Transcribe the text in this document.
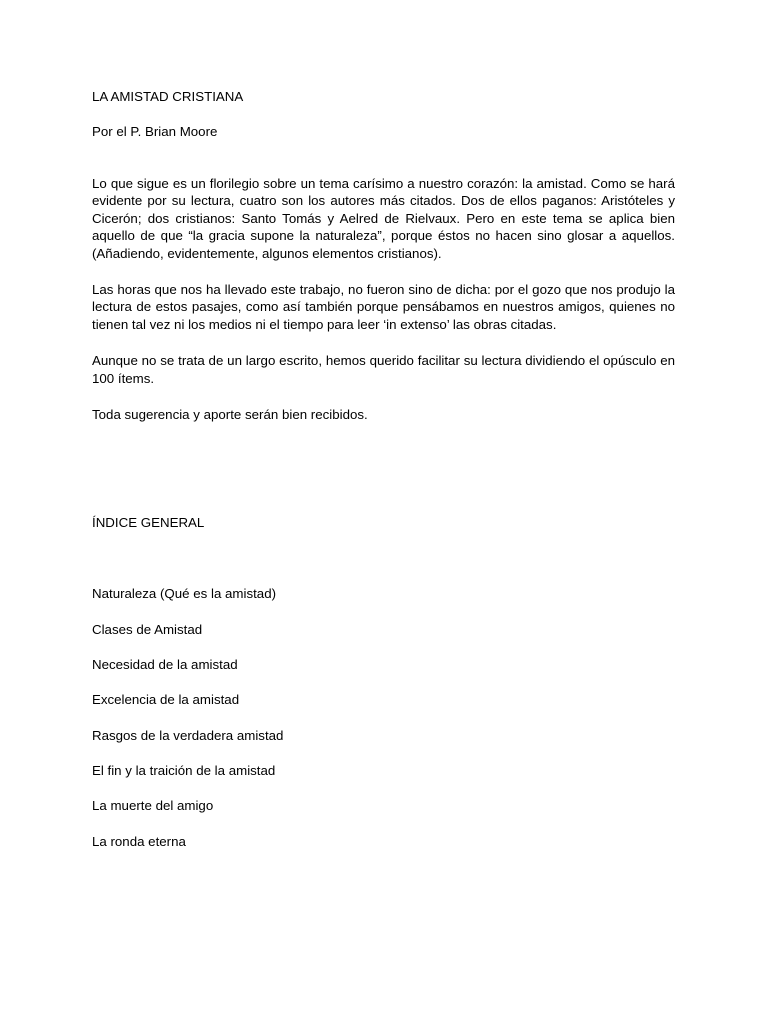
LA AMISTAD CRISTIANA

Por el P. Brian Moore

Lo que sigue es un florilegio sobre un tema carísimo a nuestro corazón: la amistad. Como se hará evidente por su lectura, cuatro son los autores más citados. Dos de ellos paganos: Aristóteles y Cicerón; dos cristianos: Santo Tomás y Aelred de Rielvaux. Pero en este tema se aplica bien aquello de que “la gracia supone la naturaleza”, porque éstos no hacen sino glosar a aquellos. (Añadiendo, evidentemente, algunos elementos cristianos).

Las horas que nos ha llevado este trabajo, no fueron sino de dicha: por el gozo que nos produjo la lectura de estos pasajes, como así también porque pensábamos en nuestros amigos, quienes no tienen tal vez ni los medios ni el tiempo para leer ‘in extenso’ las obras citadas.

Aunque no se trata de un largo escrito, hemos querido facilitar su lectura dividiendo el opúsculo en 100 ítems.

Toda sugerencia y aporte serán bien recibidos.

ÍNDICE GENERAL

Naturaleza (Qué es la amistad)
Clases de Amistad
Necesidad de la amistad
Excelencia de la amistad
Rasgos de la verdadera amistad
El fin y la traición de la amistad
La muerte del amigo
La ronda eterna
